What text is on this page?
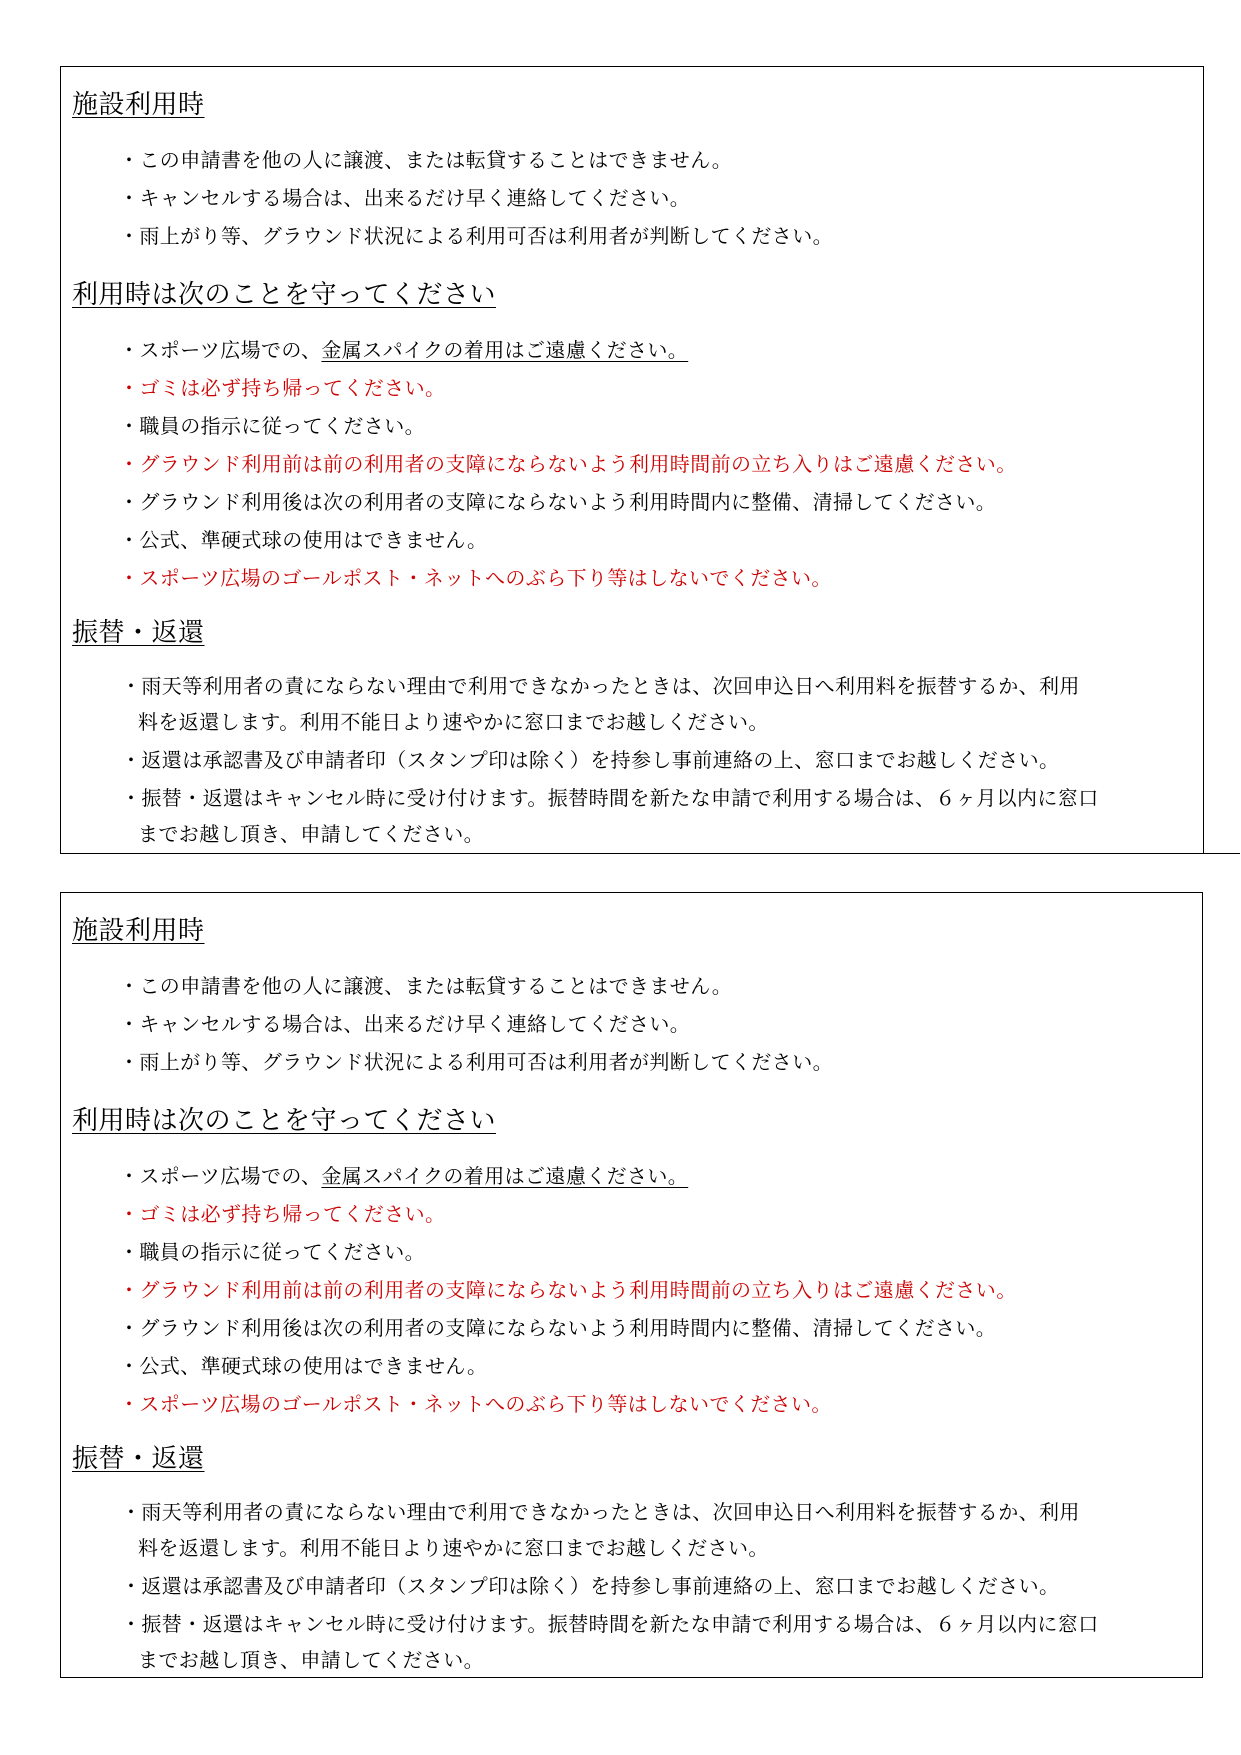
施設利用時
・この申請書を他の人に譲渡、または転貸することはできません。
・キャンセルする場合は、出来るだけ早く連絡してください。
・雨上がり等、グラウンド状況による利用可否は利用者が判断してください。
利用時は次のことを守ってください
・スポーツ広場での、金属スパイクの着用はご遠慮ください。
・ゴミは必ず持ち帰ってください。
・職員の指示に従ってください。
・グラウンド利用前は前の利用者の支障にならないよう利用時間前の立ち入りはご遠慮ください。
・グラウンド利用後は次の利用者の支障にならないよう利用時間内に整備、清掃してください。
・公式、準硬式球の使用はできません。
・スポーツ広場のゴールポスト・ネットへのぶら下り等はしないでください。
振替・返還
・雨天等利用者の責にならない理由で利用できなかったときは、次回申込日へ利用料を振替するか、利用
料を返還します。利用不能日より速やかに窓口までお越しください。
・返還は承認書及び申請者印（スタンプ印は除く）を持参し事前連絡の上、窓口までお越しください。
・振替・返還はキャンセル時に受け付けます。振替時間を新たな申請で利用する場合は、６ヶ月以内に窓口
までお越し頂き、申請してください。
施設利用時
・この申請書を他の人に譲渡、または転貸することはできません。
・キャンセルする場合は、出来るだけ早く連絡してください。
・雨上がり等、グラウンド状況による利用可否は利用者が判断してください。
利用時は次のことを守ってください
・スポーツ広場での、金属スパイクの着用はご遠慮ください。
・ゴミは必ず持ち帰ってください。
・職員の指示に従ってください。
・グラウンド利用前は前の利用者の支障にならないよう利用時間前の立ち入りはご遠慮ください。
・グラウンド利用後は次の利用者の支障にならないよう利用時間内に整備、清掃してください。
・公式、準硬式球の使用はできません。
・スポーツ広場のゴールポスト・ネットへのぶら下り等はしないでください。
振替・返還
・雨天等利用者の責にならない理由で利用できなかったときは、次回申込日へ利用料を振替するか、利用
料を返還します。利用不能日より速やかに窓口までお越しください。
・返還は承認書及び申請者印（スタンプ印は除く）を持参し事前連絡の上、窓口までお越しください。
・振替・返還はキャンセル時に受け付けます。振替時間を新たな申請で利用する場合は、６ヶ月以内に窓口
までお越し頂き、申請してください。
